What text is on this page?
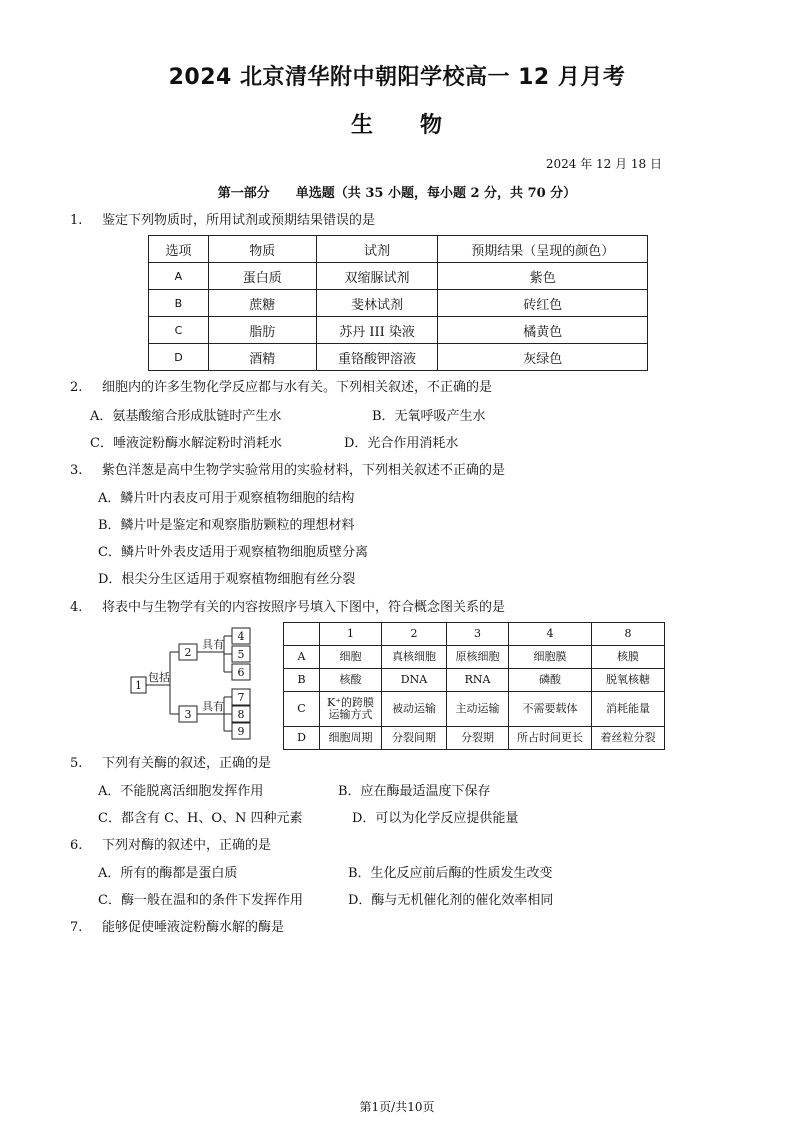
2024 北京清华附中朝阳学校高一 12 月月考
生　　物
2024 年 12 月 18 日
第一部分　　单选题（共 35 小题，每小题 2 分，共 70 分）
1. 鉴定下列物质时，所用试剂或预期结果错误的是
选项	物质	试剂	预期结果（呈现的颜色）
A	蛋白质	双缩脲试剂	紫色
B	蔗糖	斐林试剂	砖红色
C	脂肪	苏丹 III 染液	橘黄色
D	酒精	重铬酸钾溶液	灰绿色
2. 细胞内的许多生物化学反应都与水有关。下列相关叙述，不正确的是
A．氨基酸缩合形成肽链时产生水	B．无氧呼吸产生水
C．唾液淀粉酶水解淀粉时消耗水	D．光合作用消耗水
3. 紫色洋葱是高中生物学实验常用的实验材料，下列相关叙述不正确的是
A．鳞片叶内表皮可用于观察植物细胞的结构
B．鳞片叶是鉴定和观察脂肪颗粒的理想材料
C．鳞片叶外表皮适用于观察植物细胞质壁分离
D．根尖分生区适用于观察植物细胞有丝分裂
4. 将表中与生物学有关的内容按照序号填入下图中，符合概念图关系的是
1
2
3
4
5
6
7
8
9
包括
具有
具有
	1	2	3	4	8
A	细胞	真核细胞	原核细胞	细胞膜	核膜
B	核酸	DNA	RNA	磷酸	脱氧核糖
C	K⁺的跨膜运输方式	被动运输	主动运输	不需要载体	消耗能量
D	细胞周期	分裂间期	分裂期	所占时间更长	着丝粒分裂
5. 下列有关酶的叙述，正确的是
A．不能脱离活细胞发挥作用	B．应在酶最适温度下保存
C．都含有 C、H、O、N 四种元素	D．可以为化学反应提供能量
6. 下列对酶的叙述中，正确的是
A．所有的酶都是蛋白质	B．生化反应前后酶的性质发生改变
C．酶一般在温和的条件下发挥作用	D．酶与无机催化剂的催化效率相同
7. 能够促使唾液淀粉酶水解的酶是
第1页/共10页
